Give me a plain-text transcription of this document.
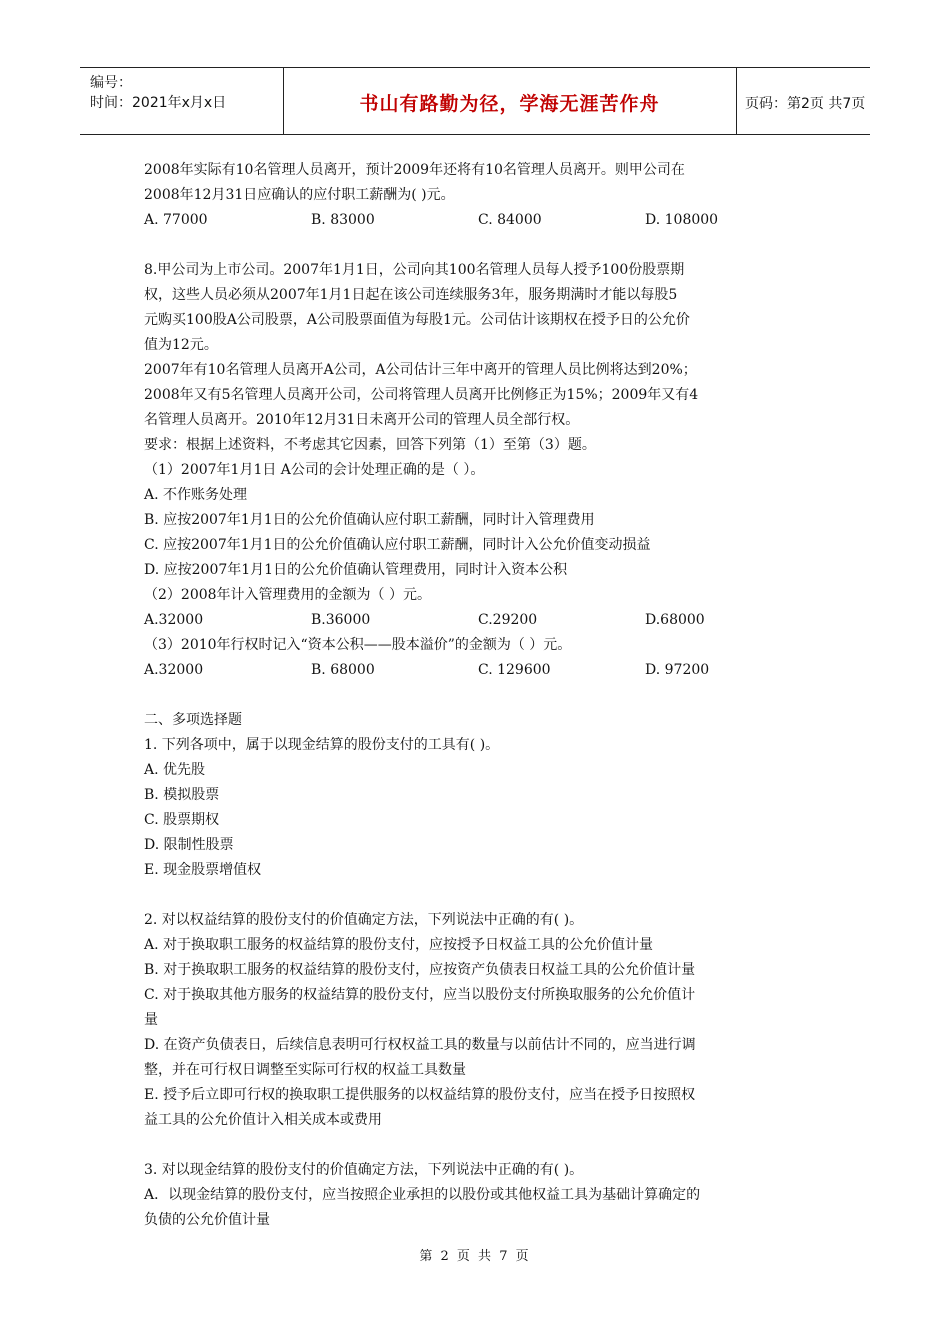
编号：
时间：2021年x月x日	书山有路勤为径，学海无涯苦作舟	页码：第2页 共7页
2008年实际有10名管理人员离开，预计2009年还将有10名管理人员离开。则甲公司在
2008年12月31日应确认的应付职工薪酬为( )元。
A. 77000	B. 83000	C. 84000	D. 108000
8.甲公司为上市公司。2007年1月1日，公司向其100名管理人员每人授予100份股票期
权，这些人员必须从2007年1月1日起在该公司连续服务3年，服务期满时才能以每股5
元购买100股A公司股票，A公司股票面值为每股1元。公司估计该期权在授予日的公允价
值为12元。
2007年有10名管理人员离开A公司，A公司估计三年中离开的管理人员比例将达到20%；
2008年又有5名管理人员离开公司，公司将管理人员离开比例修正为15%；2009年又有4
名管理人员离开。2010年12月31日未离开公司的管理人员全部行权。
要求：根据上述资料，不考虑其它因素，回答下列第（1）至第（3）题。
（1）2007年1月1日 A公司的会计处理正确的是（ ）。
A. 不作账务处理
B. 应按2007年1月1日的公允价值确认应付职工薪酬，同时计入管理费用
C. 应按2007年1月1日的公允价值确认应付职工薪酬，同时计入公允价值变动损益
D. 应按2007年1月1日的公允价值确认管理费用，同时计入资本公积
（2）2008年计入管理费用的金额为（ ）元。
A.32000	B.36000	C.29200	D.68000
（3）2010年行权时记入“资本公积——股本溢价”的金额为（ ）元。
A.32000	B. 68000	C. 129600	D. 97200
二、多项选择题
1. 下列各项中，属于以现金结算的股份支付的工具有( )。
A. 优先股
B. 模拟股票
C. 股票期权
D. 限制性股票
E. 现金股票增值权
2. 对以权益结算的股份支付的价值确定方法，下列说法中正确的有( )。
A. 对于换取职工服务的权益结算的股份支付，应按授予日权益工具的公允价值计量
B. 对于换取职工服务的权益结算的股份支付，应按资产负债表日权益工具的公允价值计量
C. 对于换取其他方服务的权益结算的股份支付，应当以股份支付所换取服务的公允价值计
量
D. 在资产负债表日，后续信息表明可行权权益工具的数量与以前估计不同的，应当进行调
整，并在可行权日调整至实际可行权的权益工具数量
E. 授予后立即可行权的换取职工提供服务的以权益结算的股份支付，应当在授予日按照权
益工具的公允价值计入相关成本或费用
3. 对以现金结算的股份支付的价值确定方法，下列说法中正确的有( )。
A．以现金结算的股份支付，应当按照企业承担的以股份或其他权益工具为基础计算确定的
负债的公允价值计量
第 2 页 共 7 页
